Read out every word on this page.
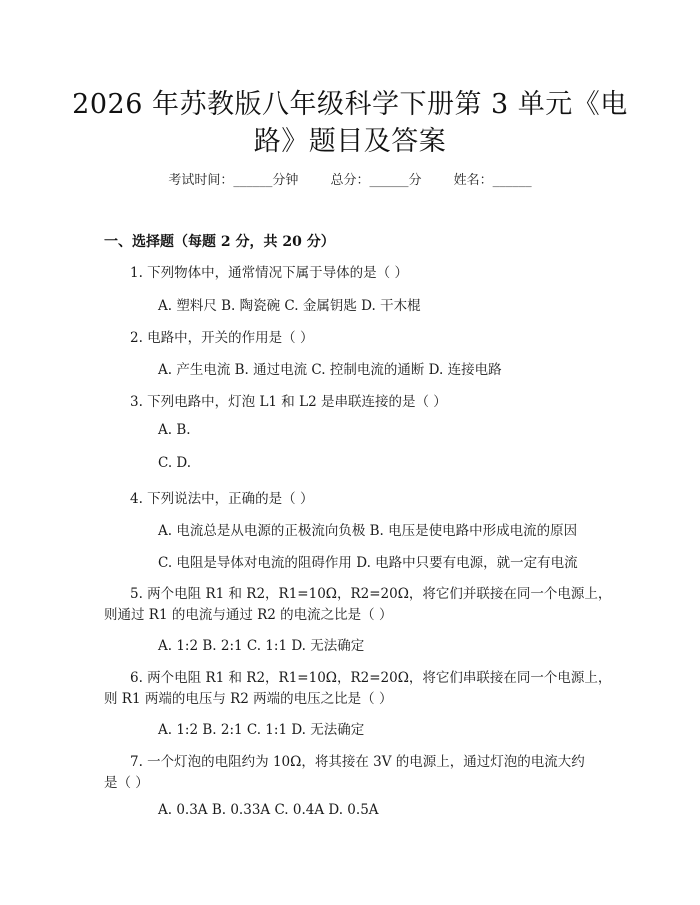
2026 年苏教版八年级科学下册第 3 单元《电
路》题目及答案
考试时间：______分钟 总分：______分 姓名：______
一、选择题（每题 2 分，共 20 分）
1. 下列物体中，通常情况下属于导体的是（ ）
A. 塑料尺 B. 陶瓷碗 C. 金属钥匙 D. 干木棍
2. 电路中，开关的作用是（ ）
A. 产生电流 B. 通过电流 C. 控制电流的通断 D. 连接电路
3. 下列电路中，灯泡 L1 和 L2 是串联连接的是（ ）
A. B.
C. D.
4. 下列说法中，正确的是（ ）
A. 电流总是从电源的正极流向负极 B. 电压是使电路中形成电流的原因
C. 电阻是导体对电流的阻碍作用 D. 电路中只要有电源，就一定有电流
5. 两个电阻 R1 和 R2，R1=10Ω，R2=20Ω，将它们并联接在同一个电源上，
则通过 R1 的电流与通过 R2 的电流之比是（ ）
A. 1:2 B. 2:1 C. 1:1 D. 无法确定
6. 两个电阻 R1 和 R2，R1=10Ω，R2=20Ω，将它们串联接在同一个电源上，
则 R1 两端的电压与 R2 两端的电压之比是（ ）
A. 1:2 B. 2:1 C. 1:1 D. 无法确定
7. 一个灯泡的电阻约为 10Ω，将其接在 3V 的电源上，通过灯泡的电流大约
是（ ）
A. 0.3A B. 0.33A C. 0.4A D. 0.5A
